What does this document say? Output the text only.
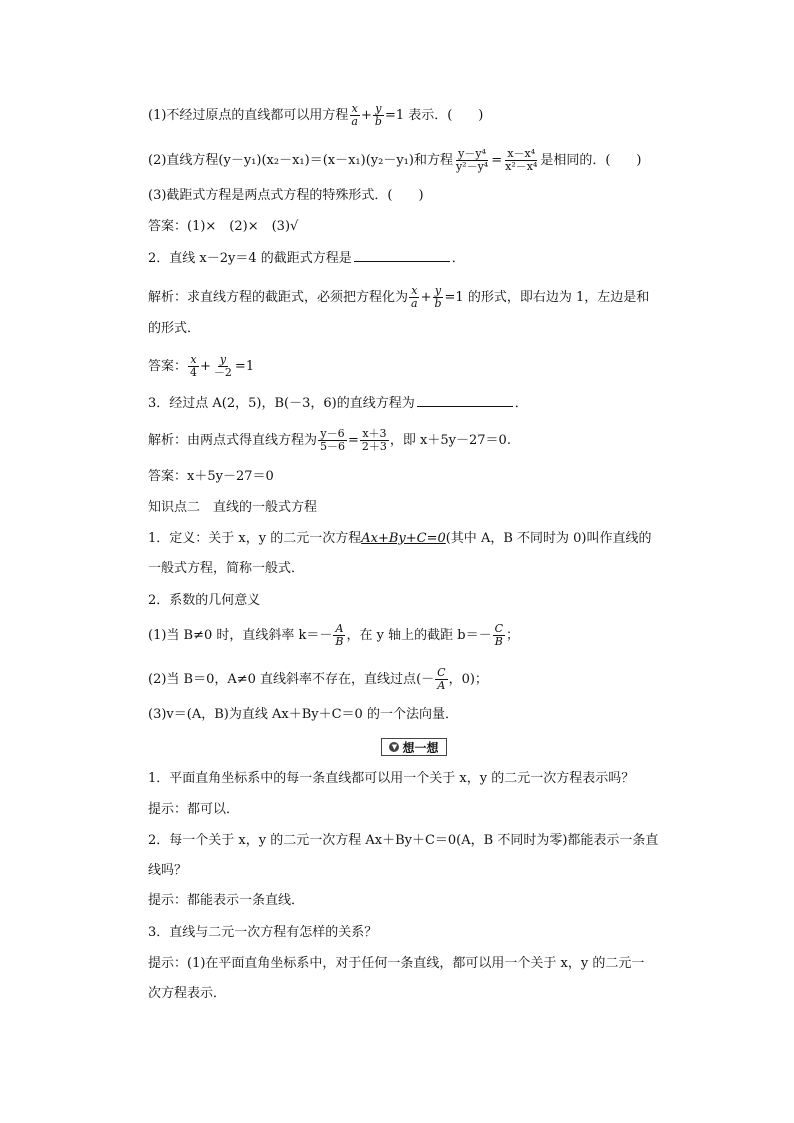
(1)不经过原点的直线都可以用方程 $\frac{x}{a} + \frac{y}{b} =1$ 表示．(　　)
(2)直线方程(y－y₁)(x₂－x₁)＝(x－x₁)(y₂－y₁)和方程 $\frac{\text{y－y⁴}}{\text{y²－y⁴}} = \frac{\text{x－x⁴}}{\text{x²－x⁴}}$ 是相同的．(　　)
(3)截距式方程是两点式方程的特殊形式．(　　)
答案：(1)×　(2)×　(3)√
2．直线 x－2y＝4 的截距式方程是	．
解析：求直线方程的截距式，必须把方程化为 $\frac{x}{a} + \frac{y}{b} =1$ 的形式，即右边为 1，左边是和
的形式．
答案： $\frac{x}{4} + \frac{y}{-2} =1$
3．经过点 A(2，5)，B(－3，6)的直线方程为	．
解析：由两点式得直线方程为 $\frac{y-6}{5-6} = \frac{x+3}{2+3}$ ，即 x＋5y－27＝0.
答案：x＋5y－27＝0
知识点二　直线的一般式方程
1．定义：关于 x，y 的二元一次方程Ax+By+C=0(其中 A，B 不同时为 0)叫作直线的
一般式方程，简称一般式．
2．系数的几何意义
(1)当 B≠0 时，直线斜率 $k=- \frac{A}{B}$ ，在 y 轴上的截距 $b=- \frac{C}{B}$ ；
(2)当 B＝0，A≠0 直线斜率不存在，直线过点(－ $\frac{C}{A}$ ，0)；
(3)v＝(A，B)为直线 Ax＋By＋C＝0 的一个法向量．
▼ 想一想
1．平面直角坐标系中的每一条直线都可以用一个关于 x，y 的二元一次方程表示吗？
提示：都可以．
2．每一个关于 x，y 的二元一次方程 Ax＋By＋C＝0(A，B 不同时为零)都能表示一条直
线吗？
提示：都能表示一条直线．
3．直线与二元一次方程有怎样的关系？
提示：(1)在平面直角坐标系中，对于任何一条直线，都可以用一个关于 x，y 的二元一
次方程表示．
